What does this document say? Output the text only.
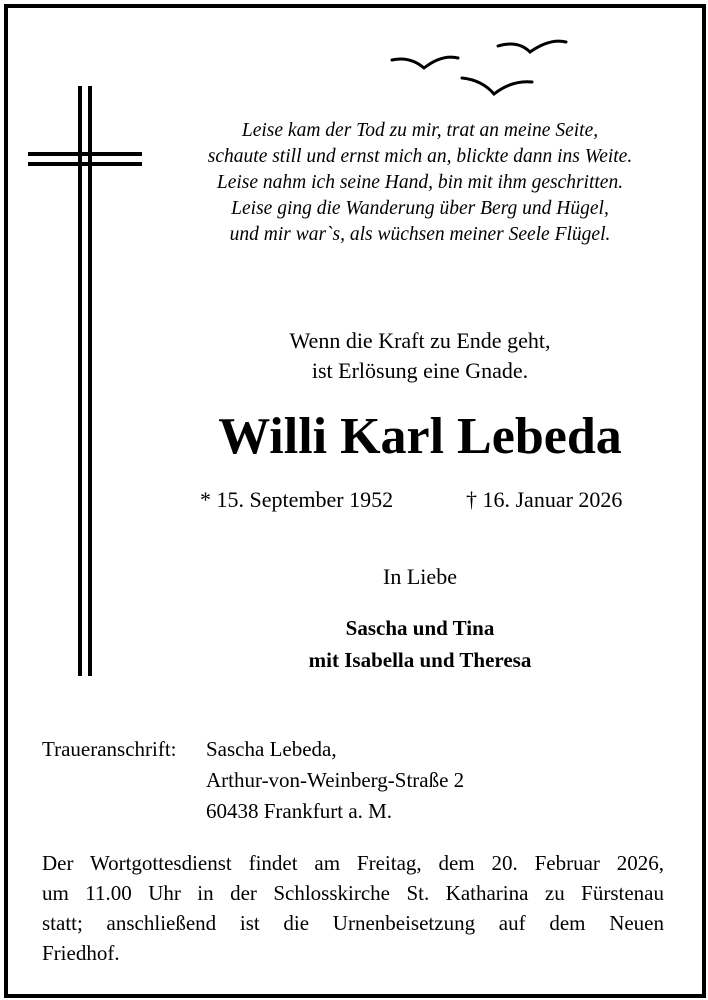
Leise kam der Tod zu mir, trat an meine Seite,
schaute still und ernst mich an, blickte dann ins Weite.
Leise nahm ich seine Hand, bin mit ihm geschritten.
Leise ging die Wanderung über Berg und Hügel,
und mir war`s, als wüchsen meiner Seele Flügel.
Wenn die Kraft zu Ende geht,
ist Erlösung eine Gnade.
Willi Karl Lebeda
* 15. September 1952	† 16. Januar 2026
In Liebe
Sascha und Tina
mit Isabella und Theresa
Traueranschrift: Sascha Lebeda,
Arthur-von-Weinberg-Straße 2
60438 Frankfurt a. M.
Der Wortgottesdienst findet am Freitag, dem 20. Februar 2026,
um 11.00 Uhr in der Schlosskirche St. Katharina zu Fürstenau
statt; anschließend ist die Urnenbeisetzung auf dem Neuen
Friedhof.
